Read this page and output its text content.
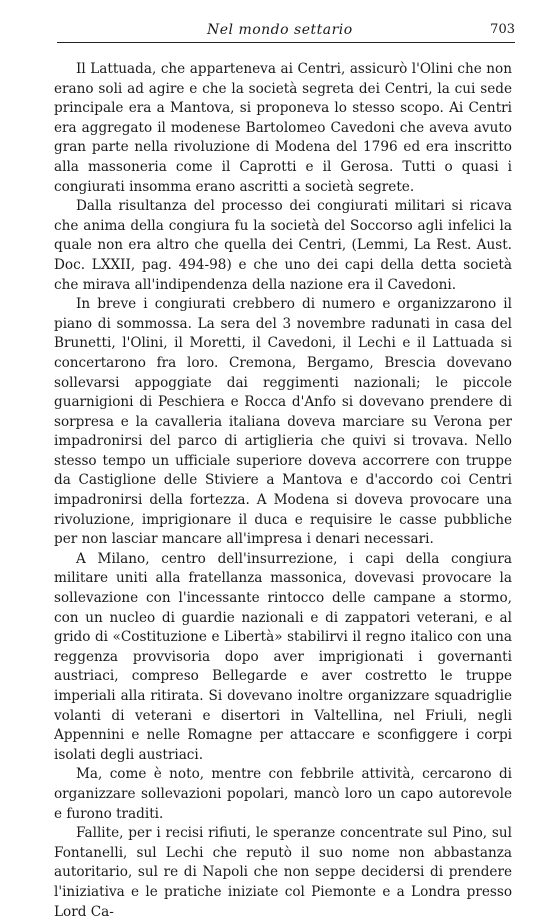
Nel mondo settario	703

Il Lattuada, che apparteneva ai Centri, assicurò l'Olini che non erano soli ad agire e che la società segreta dei Centri, la cui sede principale era a Mantova, si proponeva lo stesso scopo. Ai Centri era aggregato il modenese Bartolomeo Cavedoni che aveva avuto gran parte nella rivoluzione di Modena del 1796 ed era inscritto alla massoneria come il Caprotti e il Gerosa. Tutti o quasi i congiurati insomma erano ascritti a società segrete.

Dalla risultanza del processo dei congiurati militari si ricava che anima della congiura fu la società del Soccorso agli infelici la quale non era altro che quella dei Centri, (Lemmi, La Rest. Aust. Doc. LXXII, pag. 494-98) e che uno dei capi della detta società che mirava all'indipendenza della nazione era il Cavedoni.

In breve i congiurati crebbero di numero e organizzarono il piano di sommossa. La sera del 3 novembre radunati in casa del Brunetti, l'Olini, il Moretti, il Cavedoni, il Lechi e il Lattuada si concertarono fra loro. Cremona, Bergamo, Brescia dovevano sollevarsi appoggiate dai reggimenti nazionali; le piccole guarnigioni di Peschiera e Rocca d'Anfo si dovevano prendere di sorpresa e la cavalleria italiana doveva marciare su Verona per impadronirsi del parco di artiglieria che quivi si trovava. Nello stesso tempo un ufficiale superiore doveva accorrere con truppe da Castiglione delle Stiviere a Mantova e d'accordo coi Centri impadronirsi della fortezza. A Modena si doveva provocare una rivoluzione, imprigionare il duca e requisire le casse pubbliche per non lasciar mancare all'impresa i denari necessari.

A Milano, centro dell'insurrezione, i capi della congiura militare uniti alla fratellanza massonica, dovevasi provocare la sollevazione con l'incessante rintocco delle campane a stormo, con un nucleo di guardie nazionali e di zappatori veterani, e al grido di «Costituzione e Libertà» stabilirvi il regno italico con una reggenza provvisoria dopo aver imprigionati i governanti austriaci, compreso Bellegarde e aver costretto le truppe imperiali alla ritirata. Si dovevano inoltre organizzare squadriglie volanti di veterani e disertori in Valtellina, nel Friuli, negli Appennini e nelle Romagne per attaccare e sconfiggere i corpi isolati degli austriaci.

Ma, come è noto, mentre con febbrile attività, cercarono di organizzare sollevazioni popolari, mancò loro un capo autorevole e furono traditi.

Fallite, per i recisi rifiuti, le speranze concentrate sul Pino, sul Fontanelli, sul Lechi che reputò il suo nome non abbastanza autoritario, sul re di Napoli che non seppe decidersi di prendere l'iniziativa e le pratiche iniziate col Piemonte e a Londra presso Lord Ca-
